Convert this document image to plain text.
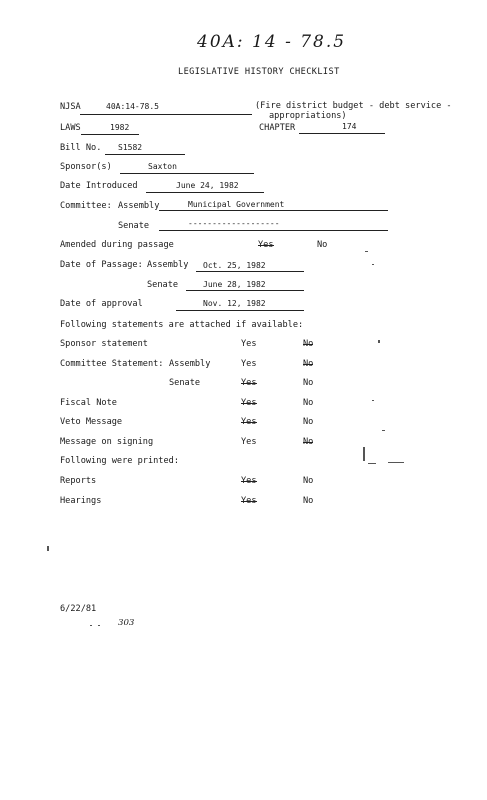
40A: 14 - 78.5
LEGISLATIVE HISTORY CHECKLIST
NJSA	40A:14-78.5	(Fire district budget - debt service -
appropriations)
LAWS	1982	CHAPTER	174
Bill No. S1582
Sponsor(s)	Saxton
Date Introduced	June 24, 1982
Committee: Assembly	Municipal Government
Senate	-------------------
Amended during passage	Yes	No
Date of Passage: Assembly Oct. 25, 1982
Senate	June 28, 1982
Date of approval	Nov. 12, 1982
Following statements are attached if available:
Sponsor statement	Yes	No
Committee Statement: Assembly	Yes	No
Senate	Yes	No
Fiscal Note	Yes	No
Veto Message	Yes	No
Message on signing	Yes	No
Following were printed:
Reports	Yes	No
Hearings	Yes	No
6/22/81
303
